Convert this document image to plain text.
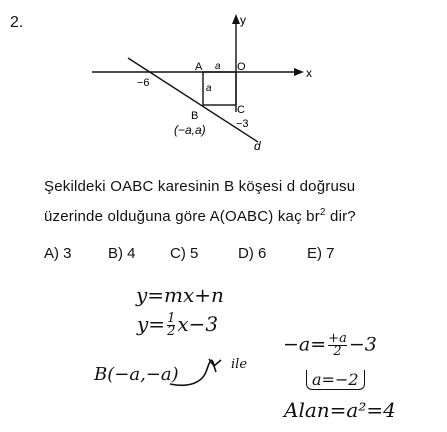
2.
x
y
−6
A a O
a
C
−3
B
(−a,a)
d
Şekildeki OABC karesinin B köşesi d doğrusu
üzerinde olduğuna göre A(OABC) kaç $br^2$ dir?
A) 3 B) 4 C) 5	D) 6	E) 7
y=mx+n
$y= \frac{1}{2} x-3$
B(−a,−a)	ile
$-a= \frac{+a}{2} -3$
a=−2
Alan=a²=4
